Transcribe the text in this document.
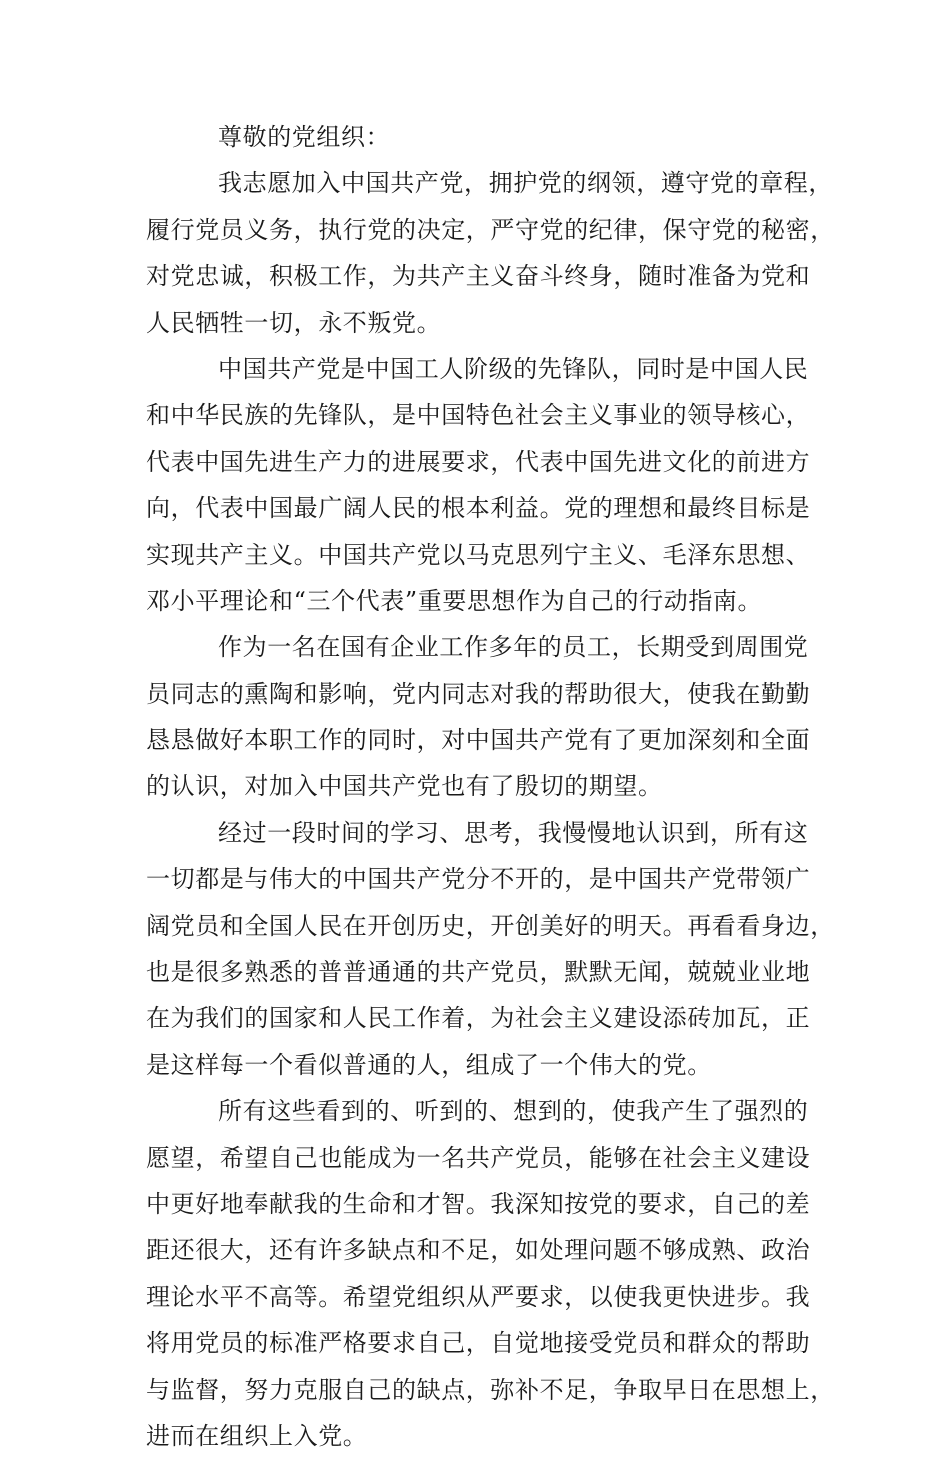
尊敬的党组织：
我志愿加入中国共产党，拥护党的纲领，遵守党的章程，
履行党员义务，执行党的决定，严守党的纪律，保守党的秘密，
对党忠诚，积极工作，为共产主义奋斗终身，随时准备为党和
人民牺牲一切，永不叛党。
中国共产党是中国工人阶级的先锋队，同时是中国人民
和中华民族的先锋队，是中国特色社会主义事业的领导核心，
代表中国先进生产力的进展要求，代表中国先进文化的前进方
向，代表中国最广阔人民的根本利益。党的理想和最终目标是
实现共产主义。中国共产党以马克思列宁主义、毛泽东思想、
邓小平理论和“三个代表”重要思想作为自己的行动指南。
作为一名在国有企业工作多年的员工，长期受到周围党
员同志的熏陶和影响，党内同志对我的帮助很大，使我在勤勤
恳恳做好本职工作的同时，对中国共产党有了更加深刻和全面
的认识，对加入中国共产党也有了殷切的期望。
经过一段时间的学习、思考，我慢慢地认识到，所有这
一切都是与伟大的中国共产党分不开的，是中国共产党带领广
阔党员和全国人民在开创历史，开创美好的明天。再看看身边，
也是很多熟悉的普普通通的共产党员，默默无闻，兢兢业业地
在为我们的国家和人民工作着，为社会主义建设添砖加瓦，正
是这样每一个看似普通的人，组成了一个伟大的党。
所有这些看到的、听到的、想到的，使我产生了强烈的
愿望，希望自己也能成为一名共产党员，能够在社会主义建设
中更好地奉献我的生命和才智。我深知按党的要求，自己的差
距还很大，还有许多缺点和不足，如处理问题不够成熟、政治
理论水平不高等。希望党组织从严要求，以使我更快进步。我
将用党员的标准严格要求自己，自觉地接受党员和群众的帮助
与监督，努力克服自己的缺点，弥补不足，争取早日在思想上，
进而在组织上入党。
